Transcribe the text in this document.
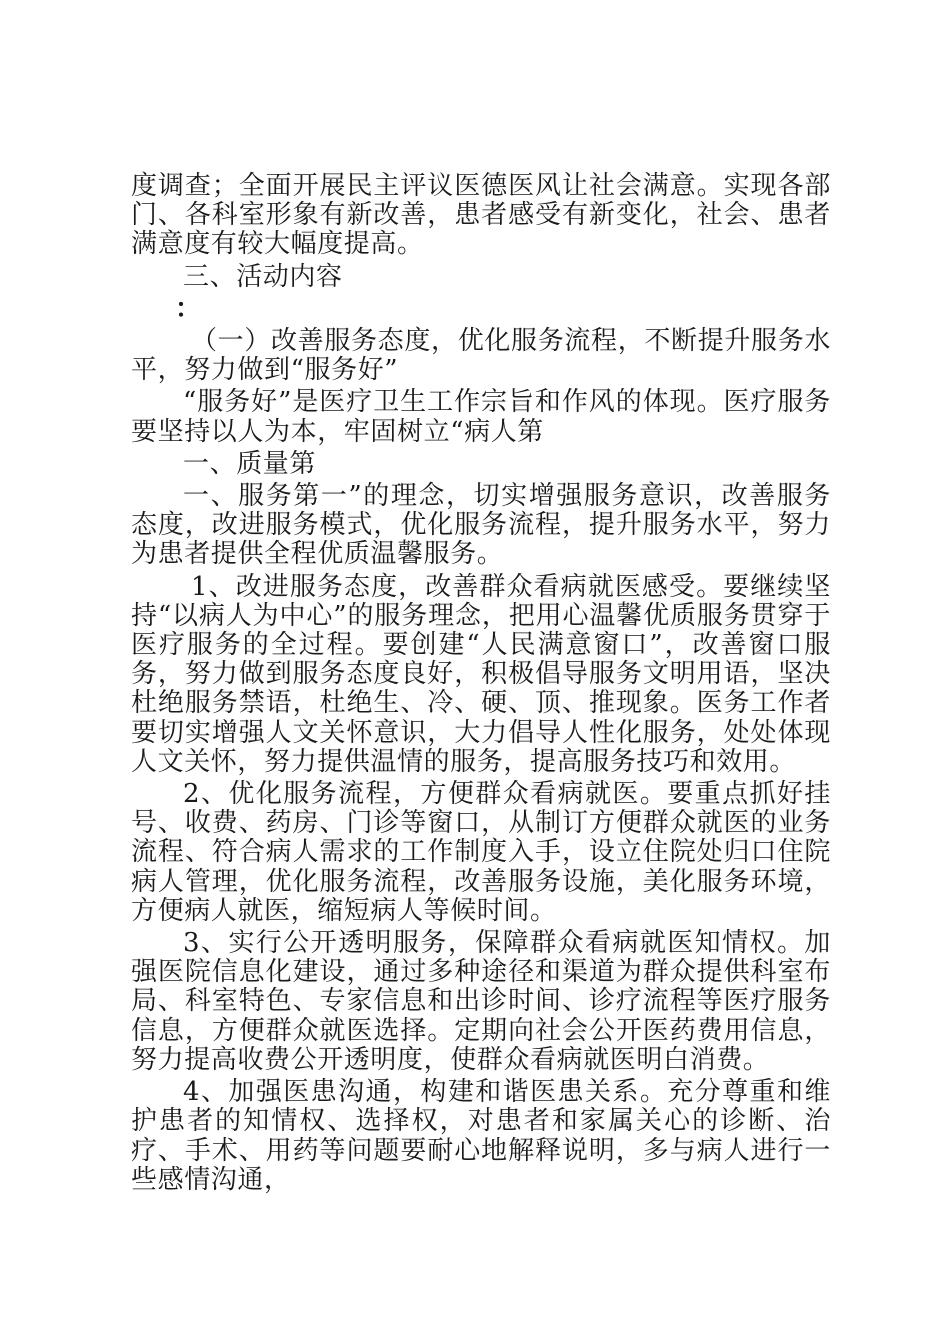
度调查；全面开展民主评议医德医风让社会满意。实现各部门、各科室形象有新改善，患者感受有新变化，社会、患者满意度有较大幅度提高。

三、活动内容

：

（一）改善服务态度，优化服务流程，不断提升服务水平，努力做到“服务好”

“服务好”是医疗卫生工作宗旨和作风的体现。医疗服务要坚持以人为本，牢固树立“病人第

一、质量第

一、服务第一”的理念，切实增强服务意识，改善服务态度，改进服务模式，优化服务流程，提升服务水平，努力为患者提供全程优质温馨服务。

1、改进服务态度，改善群众看病就医感受。要继续坚持“以病人为中心”的服务理念，把用心温馨优质服务贯穿于医疗服务的全过程。要创建“人民满意窗口”，改善窗口服务，努力做到服务态度良好，积极倡导服务文明用语，坚决杜绝服务禁语，杜绝生、冷、硬、顶、推现象。医务工作者要切实增强人文关怀意识，大力倡导人性化服务，处处体现人文关怀，努力提供温情的服务，提高服务技巧和效用。

2、优化服务流程，方便群众看病就医。要重点抓好挂号、收费、药房、门诊等窗口，从制订方便群众就医的业务流程、符合病人需求的工作制度入手，设立住院处归口住院病人管理，优化服务流程，改善服务设施，美化服务环境，方便病人就医，缩短病人等候时间。

3、实行公开透明服务，保障群众看病就医知情权。加强医院信息化建设，通过多种途径和渠道为群众提供科室布局、科室特色、专家信息和出诊时间、诊疗流程等医疗服务信息，方便群众就医选择。定期向社会公开医药费用信息，努力提高收费公开透明度，使群众看病就医明白消费。

4、加强医患沟通，构建和谐医患关系。充分尊重和维护患者的知情权、选择权，对患者和家属关心的诊断、治疗、手术、用药等问题要耐心地解释说明，多与病人进行一些感情沟通，
